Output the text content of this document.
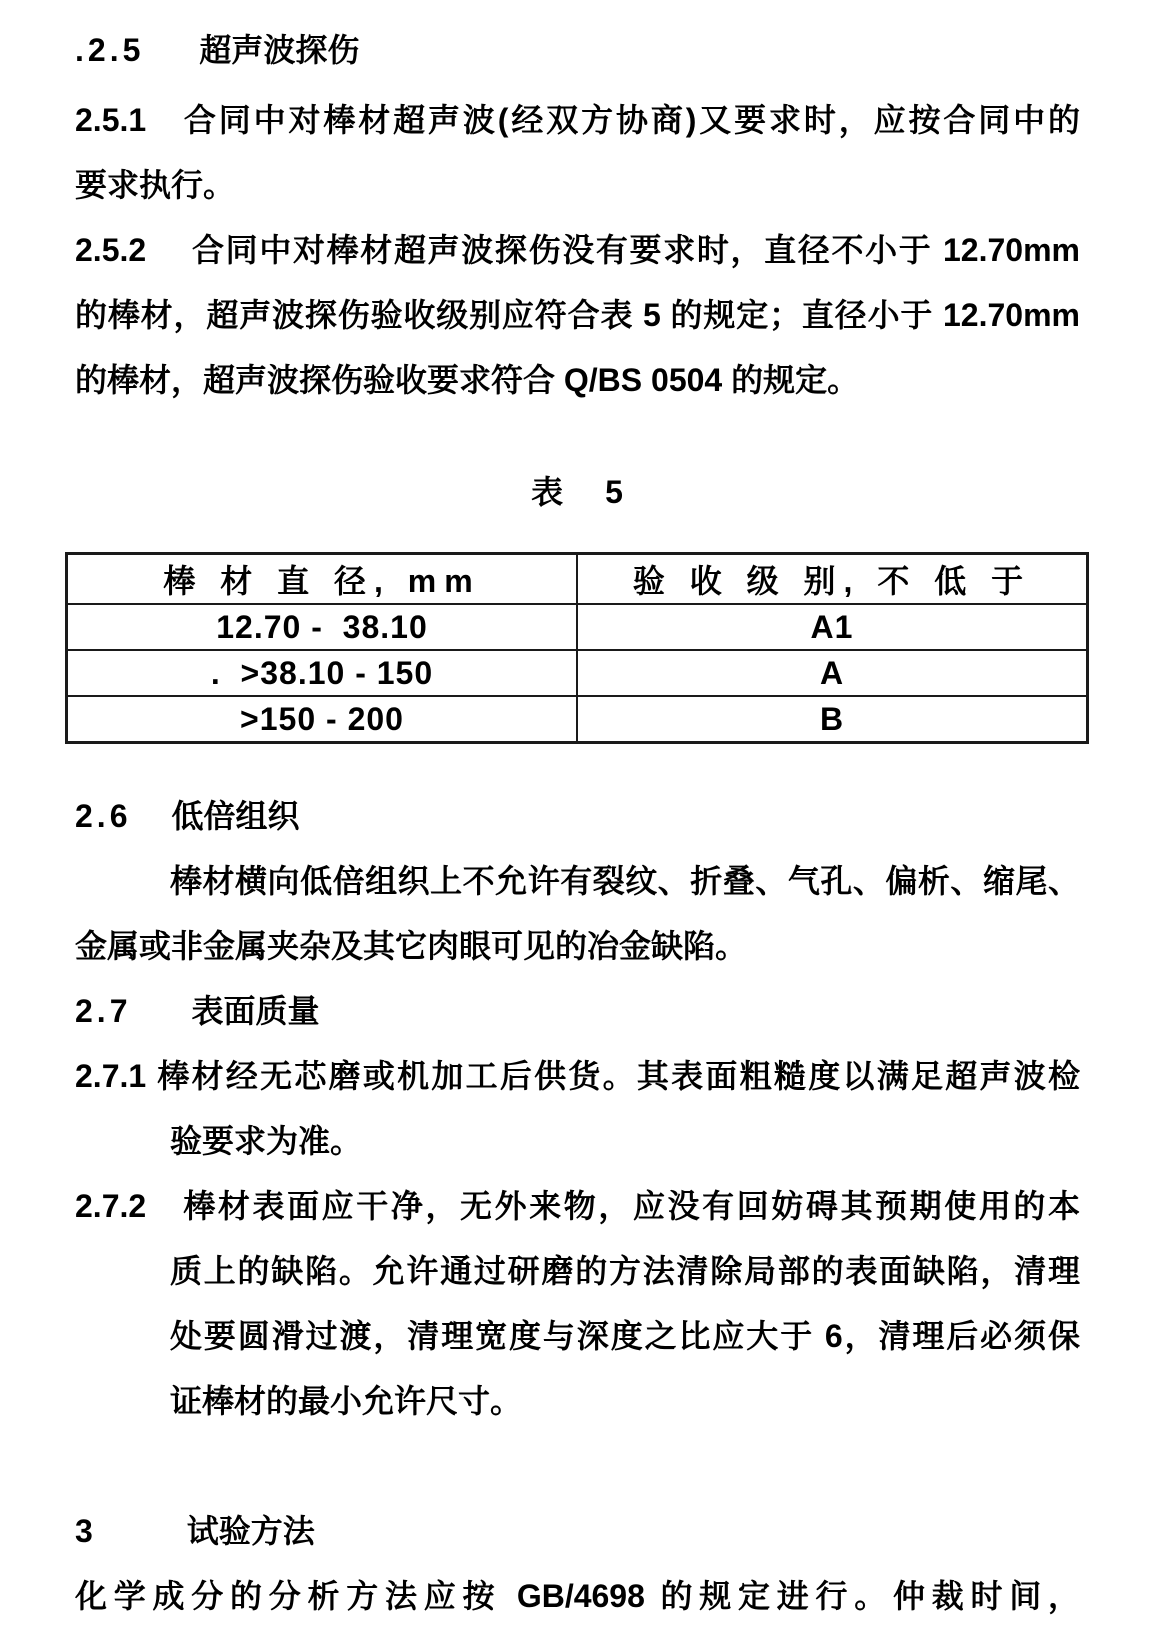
.2.5 超声波探伤
2.5.1　合同中对棒材超声波(经双方协商)又要求时，应按合同中的
要求执行。
2.5.2　 合同中对棒材超声波探伤没有要求时，直径不小于 12.70mm
的棒材，超声波探伤验收级别应符合表 5 的规定；直径小于 12.70mm
的棒材，超声波探伤验收要求符合 Q/BS 0504 的规定。
表 5
棒 材 直 径, mm	验 收 级 别, 不 低 于
12.70 -  38.10	A1
.  >38.10 - 150	A
>150 - 200	B
2.6 低倍组织
棒材横向低倍组织上不允许有裂纹、折叠、气孔、偏析、缩尾、
金属或非金属夹杂及其它肉眼可见的冶金缺陷。
2.7 表面质量
2.7.1 棒材经无芯磨或机加工后供货。其表面粗糙度以满足超声波检
验要求为准。
2.7.2　棒材表面应干净，无外来物，应没有回妨碍其预期使用的本
质上的缺陷。允许通过研磨的方法清除局部的表面缺陷，清理
处要圆滑过渡，清理宽度与深度之比应大于 6，清理后必须保
证棒材的最小允许尺寸。
3	试验方法
化学成分的分析方法应按 GB/4698 的规定进行。仲裁时间，
